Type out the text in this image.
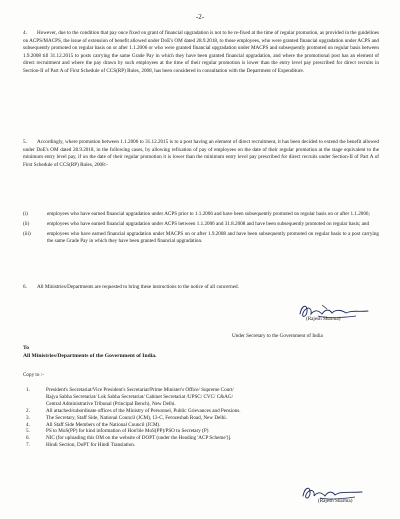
-2-
4. However, due to the condition that pay once fixed on grant of financial upgradation is not to be re-fixed at the time of regular promotion, as provided in the guidelines on ACPS/MACPS, the issue of extension of benefit allowed under DoE's OM dated 28.9.2018, to those employees, who were granted financial upgradation under ACPS and subsequently promoted on regular basis on or after 1.1.2006 or who were granted financial upgradation under MACPS and subsequently promoted on regular basis between 1.9.2008 till 31.12.2015 to posts carrying the same Grade Pay in which they have been granted financial upgradation, and where the promotional post has an element of direct recruitment and where the pay drawn by such employees at the time of their regular promotion is lower than the entry level pay prescribed for direct recruits in Section-II of Part A of First Schedule of CCS(RP) Rules, 2008, has been considered in consultation with the Department of Expenditure.
5. Accordingly, where promotion between 1.1.2006 to 31.12.2015 is to a post having an element of direct recruitment, it has been decided to extend the benefit allowed under DoE's OM dated 28.9.2018, in the following cases, by allowing refixation of pay of employees on the date of their regular promotion at the stage equivalent to the minimum entry level pay, if on the date of their regular promotion it is lower than the minimum entry level pay prescribed for direct recruits under Section-II of Part A of First Schedule of CCS(RP) Rules, 2008:-
(i)	employees who have earned financial upgradation under ACPS prior to 1.1.2006 and have been subsequently promoted on regular basis on or after 1.1.2006;
(ii)	employees who have earned financial upgradation under ACPS between 1.1.2006 and 31.8.2008 and have been subsequently promoted on regular basis; and
(iii)	employees who have earned financial upgradation under MACPS on or after 1.9.2008 and have been subsequently promoted on regular basis to a post carrying the same Grade Pay in which they have been granted financial upgradation.
6. All Ministries/Departments are requested to bring these instructions to the notice of all concerned.
(Rajesh Sharma)
Under Secretary to the Government of India
To
All Ministries/Departments of the Government of India.
Copy to :-
1.	President's Secretariat/Vice President's Secretariat/Prime Minister's Office/ Supreme Court/
Rajya Sabha Secretariat/ Lok Sabha Secretariat/ Cabinet Secretariat /UPSC/ CVC/ C&AG/
Central Administrative Tribunal (Principal Bench), New Delhi.
2.	All attached/subordinate offices of the Ministry of Personnel, Public Grievances and Pensions.
3.	The Secretary, Staff Side, National Council (JCM), 13-C, Ferozeshah Road, New Delhi.
4.	All Staff Side Members of the National Council (JCM).
5.	PS to MoS(PP) for kind information of Hon'ble MoS(PP)/PSO to Secretary (P)
6.	NIC (for uploading this OM on the website of DOPT (under the Heading 'ACP Scheme')].
7.	Hindi Section, DoPT for Hindi Translation.
(Rajesh Sharma)
